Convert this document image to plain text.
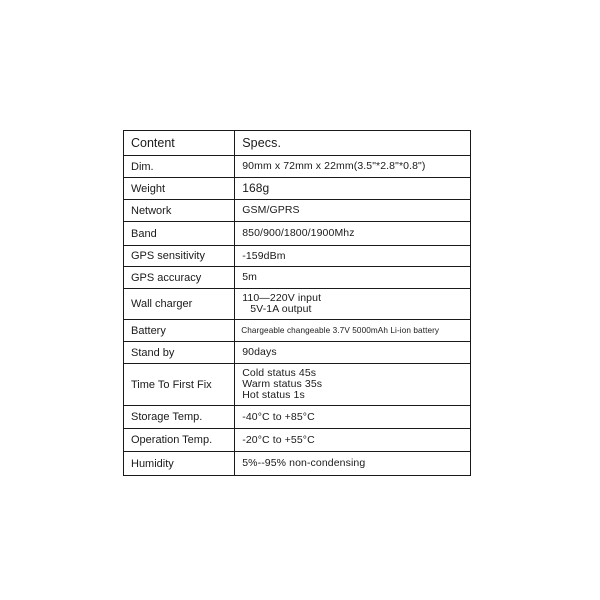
Content	Specs.
Dim.	90mm x 72mm x 22mm(3.5"*2.8"*0.8")

Weight	168g

Network	GSM/GPRS

Band	850/900/1800/1900Mhz

GPS sensitivity	-159dBm

GPS accuracy	5m

Wall charger	110—220V input
5V-1A output

Battery	Chargeable changeable 3.7V 5000mAh Li-ion battery

Stand by	90days

Time To First Fix	Cold status 45s
Warm status 35s
Hot status 1s

Storage Temp.	-40°C to +85°C

Operation Temp.	-20°C to +55°C

Humidity	5%--95% non-condensing
